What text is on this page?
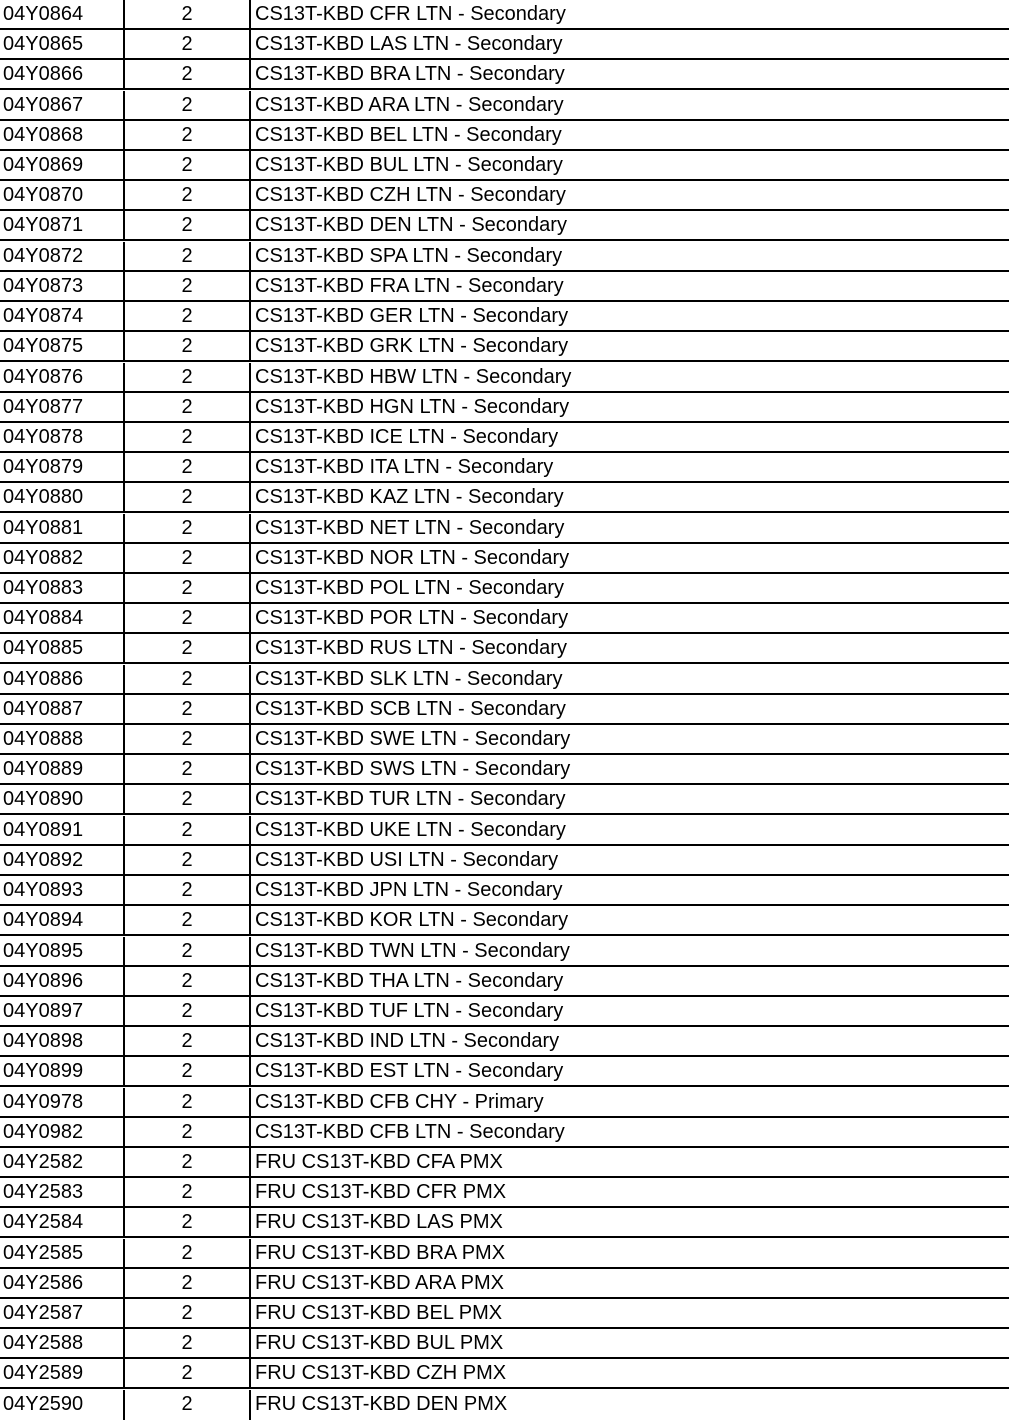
04Y0864	2	CS13T-KBD CFR LTN - Secondary
04Y0865	2	CS13T-KBD LAS LTN - Secondary
04Y0866	2	CS13T-KBD BRA LTN - Secondary
04Y0867	2	CS13T-KBD ARA LTN - Secondary
04Y0868	2	CS13T-KBD BEL LTN - Secondary
04Y0869	2	CS13T-KBD BUL LTN - Secondary
04Y0870	2	CS13T-KBD CZH LTN - Secondary
04Y0871	2	CS13T-KBD DEN LTN - Secondary
04Y0872	2	CS13T-KBD SPA LTN - Secondary
04Y0873	2	CS13T-KBD FRA LTN - Secondary
04Y0874	2	CS13T-KBD GER LTN - Secondary
04Y0875	2	CS13T-KBD GRK LTN - Secondary
04Y0876	2	CS13T-KBD HBW LTN - Secondary
04Y0877	2	CS13T-KBD HGN LTN - Secondary
04Y0878	2	CS13T-KBD ICE LTN - Secondary
04Y0879	2	CS13T-KBD ITA LTN - Secondary
04Y0880	2	CS13T-KBD KAZ LTN - Secondary
04Y0881	2	CS13T-KBD NET LTN - Secondary
04Y0882	2	CS13T-KBD NOR LTN - Secondary
04Y0883	2	CS13T-KBD POL LTN - Secondary
04Y0884	2	CS13T-KBD POR LTN - Secondary
04Y0885	2	CS13T-KBD RUS LTN - Secondary
04Y0886	2	CS13T-KBD SLK LTN - Secondary
04Y0887	2	CS13T-KBD SCB LTN - Secondary
04Y0888	2	CS13T-KBD SWE LTN - Secondary
04Y0889	2	CS13T-KBD SWS LTN - Secondary
04Y0890	2	CS13T-KBD TUR LTN - Secondary
04Y0891	2	CS13T-KBD UKE LTN - Secondary
04Y0892	2	CS13T-KBD USI LTN - Secondary
04Y0893	2	CS13T-KBD JPN LTN - Secondary
04Y0894	2	CS13T-KBD KOR LTN - Secondary
04Y0895	2	CS13T-KBD TWN LTN - Secondary
04Y0896	2	CS13T-KBD THA LTN - Secondary
04Y0897	2	CS13T-KBD TUF LTN - Secondary
04Y0898	2	CS13T-KBD IND LTN - Secondary
04Y0899	2	CS13T-KBD EST LTN - Secondary
04Y0978	2	CS13T-KBD CFB CHY - Primary
04Y0982	2	CS13T-KBD CFB LTN - Secondary
04Y2582	2	FRU CS13T-KBD CFA PMX
04Y2583	2	FRU CS13T-KBD CFR PMX
04Y2584	2	FRU CS13T-KBD LAS PMX
04Y2585	2	FRU CS13T-KBD BRA PMX
04Y2586	2	FRU CS13T-KBD ARA PMX
04Y2587	2	FRU CS13T-KBD BEL PMX
04Y2588	2	FRU CS13T-KBD BUL PMX
04Y2589	2	FRU CS13T-KBD CZH PMX
04Y2590	2	FRU CS13T-KBD DEN PMX
